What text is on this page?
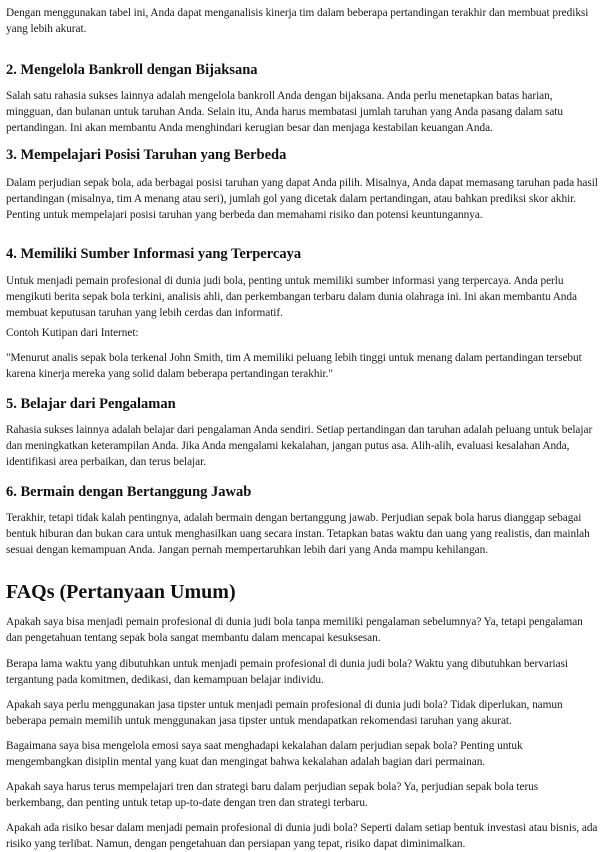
Dengan menggunakan tabel ini, Anda dapat menganalisis kinerja tim dalam beberapa pertandingan terakhir dan membuat prediksi yang lebih akurat.

2. Mengelola Bankroll dengan Bijaksana

Salah satu rahasia sukses lainnya adalah mengelola bankroll Anda dengan bijaksana. Anda perlu menetapkan batas harian, mingguan, dan bulanan untuk taruhan Anda. Selain itu, Anda harus membatasi jumlah taruhan yang Anda pasang dalam satu pertandingan. Ini akan membantu Anda menghindari kerugian besar dan menjaga kestabilan keuangan Anda.

3. Mempelajari Posisi Taruhan yang Berbeda

Dalam perjudian sepak bola, ada berbagai posisi taruhan yang dapat Anda pilih. Misalnya, Anda dapat memasang taruhan pada hasil pertandingan (misalnya, tim A menang atau seri), jumlah gol yang dicetak dalam pertandingan, atau bahkan prediksi skor akhir. Penting untuk mempelajari posisi taruhan yang berbeda dan memahami risiko dan potensi keuntungannya.

4. Memiliki Sumber Informasi yang Terpercaya

Untuk menjadi pemain profesional di dunia judi bola, penting untuk memiliki sumber informasi yang terpercaya. Anda perlu mengikuti berita sepak bola terkini, analisis ahli, dan perkembangan terbaru dalam dunia olahraga ini. Ini akan membantu Anda membuat keputusan taruhan yang lebih cerdas dan informatif.

Contoh Kutipan dari Internet:

"Menurut analis sepak bola terkenal John Smith, tim A memiliki peluang lebih tinggi untuk menang dalam pertandingan tersebut karena kinerja mereka yang solid dalam beberapa pertandingan terakhir."

5. Belajar dari Pengalaman

Rahasia sukses lainnya adalah belajar dari pengalaman Anda sendiri. Setiap pertandingan dan taruhan adalah peluang untuk belajar dan meningkatkan keterampilan Anda. Jika Anda mengalami kekalahan, jangan putus asa. Alih-alih, evaluasi kesalahan Anda, identifikasi area perbaikan, dan terus belajar.

6. Bermain dengan Bertanggung Jawab

Terakhir, tetapi tidak kalah pentingnya, adalah bermain dengan bertanggung jawab. Perjudian sepak bola harus dianggap sebagai bentuk hiburan dan bukan cara untuk menghasilkan uang secara instan. Tetapkan batas waktu dan uang yang realistis, dan mainlah sesuai dengan kemampuan Anda. Jangan pernah mempertaruhkan lebih dari yang Anda mampu kehilangan.

FAQs (Pertanyaan Umum)

Apakah saya bisa menjadi pemain profesional di dunia judi bola tanpa memiliki pengalaman sebelumnya? Ya, tetapi pengalaman dan pengetahuan tentang sepak bola sangat membantu dalam mencapai kesuksesan.

Berapa lama waktu yang dibutuhkan untuk menjadi pemain profesional di dunia judi bola? Waktu yang dibutuhkan bervariasi tergantung pada komitmen, dedikasi, dan kemampuan belajar individu.

Apakah saya perlu menggunakan jasa tipster untuk menjadi pemain profesional di dunia judi bola? Tidak diperlukan, namun beberapa pemain memilih untuk menggunakan jasa tipster untuk mendapatkan rekomendasi taruhan yang akurat.

Bagaimana saya bisa mengelola emosi saya saat menghadapi kekalahan dalam perjudian sepak bola? Penting untuk mengembangkan disiplin mental yang kuat dan mengingat bahwa kekalahan adalah bagian dari permainan.

Apakah saya harus terus mempelajari tren dan strategi baru dalam perjudian sepak bola? Ya, perjudian sepak bola terus berkembang, dan penting untuk tetap up-to-date dengan tren dan strategi terbaru.

Apakah ada risiko besar dalam menjadi pemain profesional di dunia judi bola? Seperti dalam setiap bentuk investasi atau bisnis, ada risiko yang terlibat. Namun, dengan pengetahuan dan persiapan yang tepat, risiko dapat diminimalkan.
